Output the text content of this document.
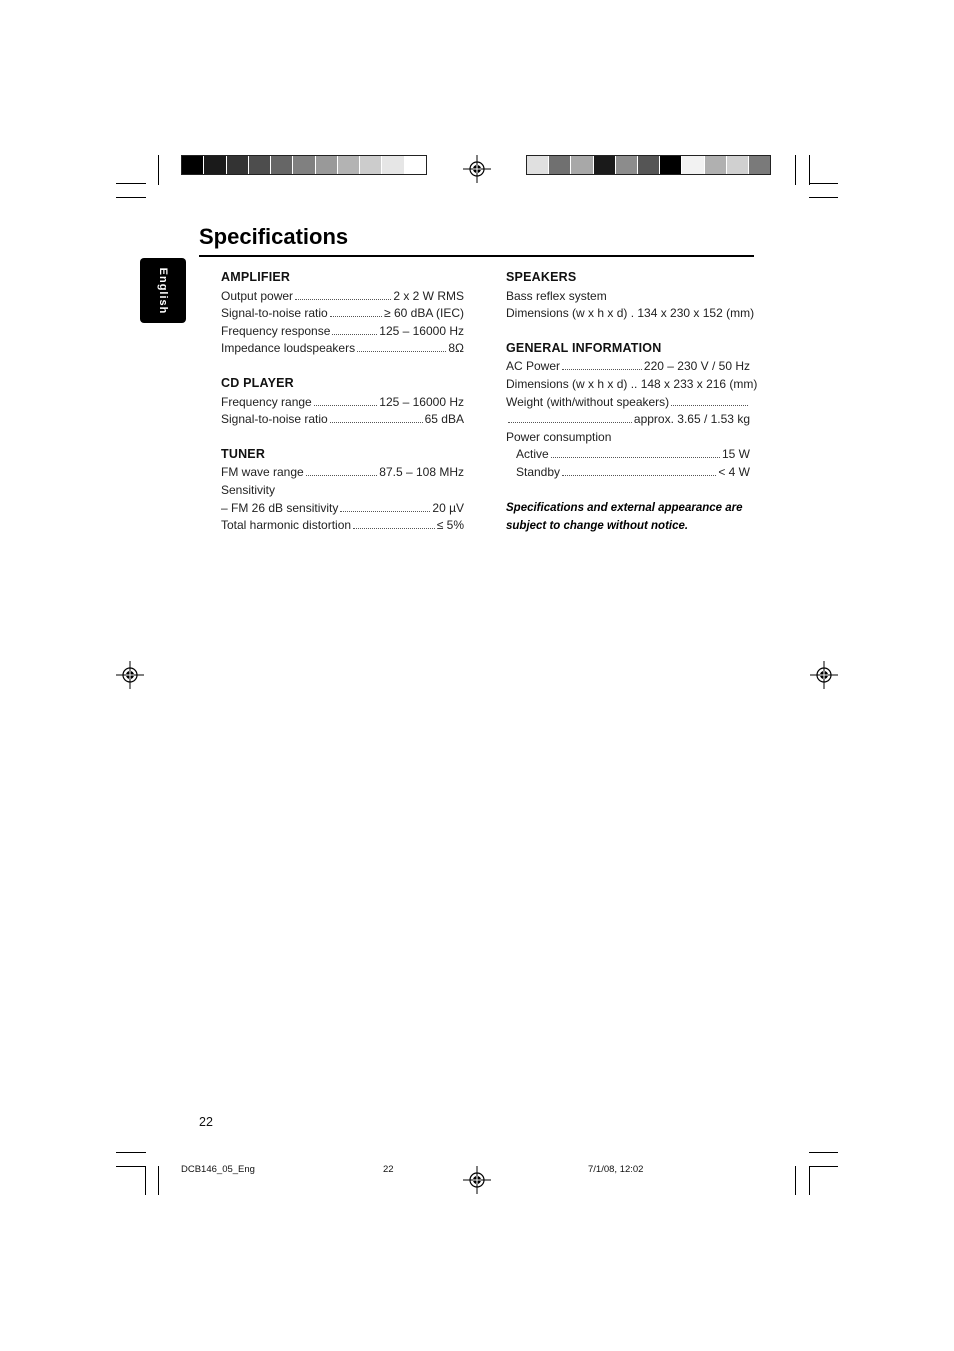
Specifications
English	AMPLIFIER
Output power	2 x 2 W RMS
Signal-to-noise ratio	≥ 60 dBA (IEC)
Frequency response	125 – 16000 Hz
Impedance loudspeakers	8Ω
CD PLAYER
Frequency range	125 – 16000 Hz
Signal-to-noise ratio	65 dBA
TUNER
FM wave range	87.5 – 108 MHz
Sensitivity
– FM 26 dB sensitivity	20 µV
Total harmonic distortion	≤ 5%
SPEAKERS
Bass reflex system
Dimensions (w x h x d) . 134 x 230 x 152 (mm)
GENERAL INFORMATION
AC Power	220 – 230 V / 50 Hz
Dimensions (w x h x d) .. 148 x 233 x 216 (mm)
Weight (with/without speakers)
approx. 3.65 / 1.53 kg
Power consumption
Active	15 W
Standby	< 4 W
Specifications and external appearance are subject to change without notice.
22
DCB146_05_Eng	22	7/1/08, 12:02
